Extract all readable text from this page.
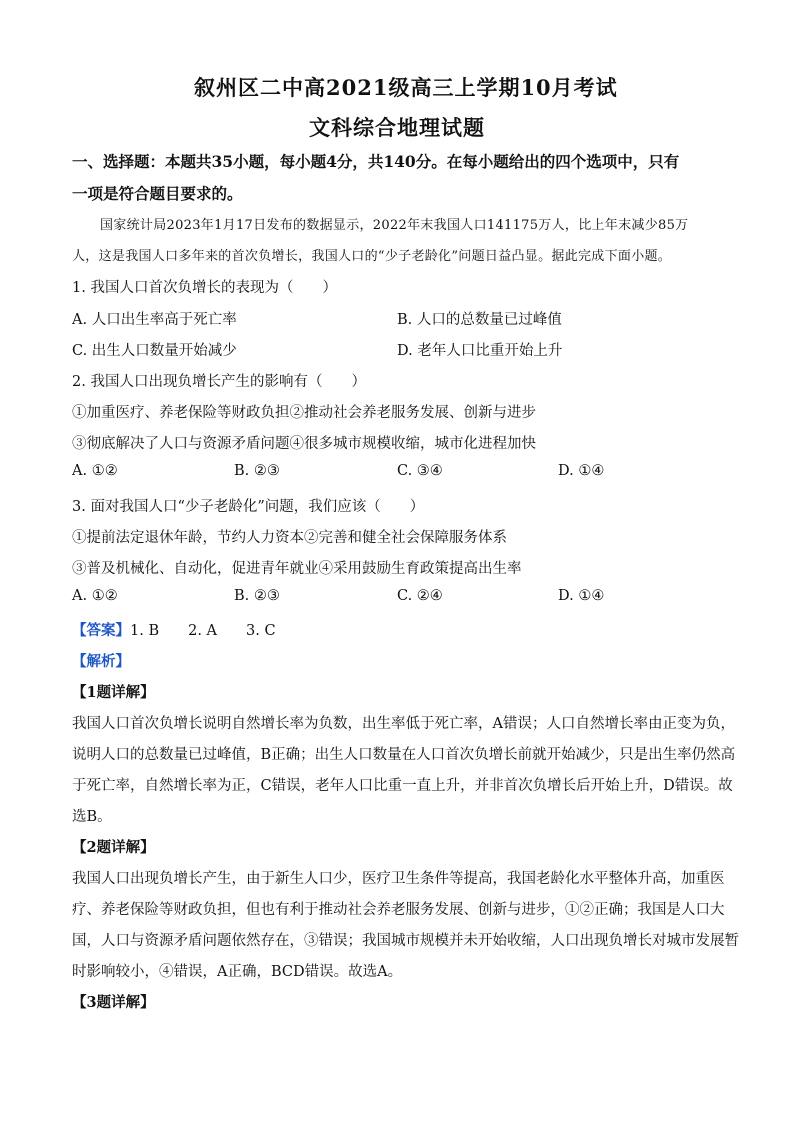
叙州区二中高2021级高三上学期10月考试
文科综合地理试题
一、选择题：本题共35小题，每小题4分，共140分。在每小题给出的四个选项中，只有
一项是符合题目要求的。
国家统计局2023年1月17日发布的数据显示，2022年末我国人口141175万人，比上年末减少85万
人，这是我国人口多年来的首次负增长，我国人口的“少子老龄化”问题日益凸显。据此完成下面小题。
1. 我国人口首次负增长的表现为（　　）
A. 人口出生率高于死亡率	B. 人口的总数量已过峰值
C. 出生人口数量开始减少	D. 老年人口比重开始上升
2. 我国人口出现负增长产生的影响有（　　）
①加重医疗、养老保险等财政负担②推动社会养老服务发展、创新与进步
③彻底解决了人口与资源矛盾问题④很多城市规模收缩，城市化进程加快
A. ①②	B. ②③	C. ③④	D. ①④
3. 面对我国人口“少子老龄化”问题，我们应该（　　）
①提前法定退休年龄，节约人力资本②完善和健全社会保障服务体系
③普及机械化、自动化，促进青年就业④采用鼓励生育政策提高出生率
A. ①②	B. ②③	C. ②④	D. ①④
【答案】1. B　　2. A　　3. C
【解析】
【1题详解】
我国人口首次负增长说明自然增长率为负数，出生率低于死亡率，A错误；人口自然增长率由正变为负，
说明人口的总数量已过峰值，B正确；出生人口数量在人口首次负增长前就开始减少，只是出生率仍然高
于死亡率，自然增长率为正，C错误，老年人口比重一直上升，并非首次负增长后开始上升，D错误。故
选B。
【2题详解】
我国人口出现负增长产生，由于新生人口少，医疗卫生条件等提高，我国老龄化水平整体升高，加重医
疗、养老保险等财政负担，但也有利于推动社会养老服务发展、创新与进步，①②正确；我国是人口大
国，人口与资源矛盾问题依然存在，③错误；我国城市规模并未开始收缩，人口出现负增长对城市发展暂
时影响较小，④错误，A正确，BCD错误。故选A。
【3题详解】
